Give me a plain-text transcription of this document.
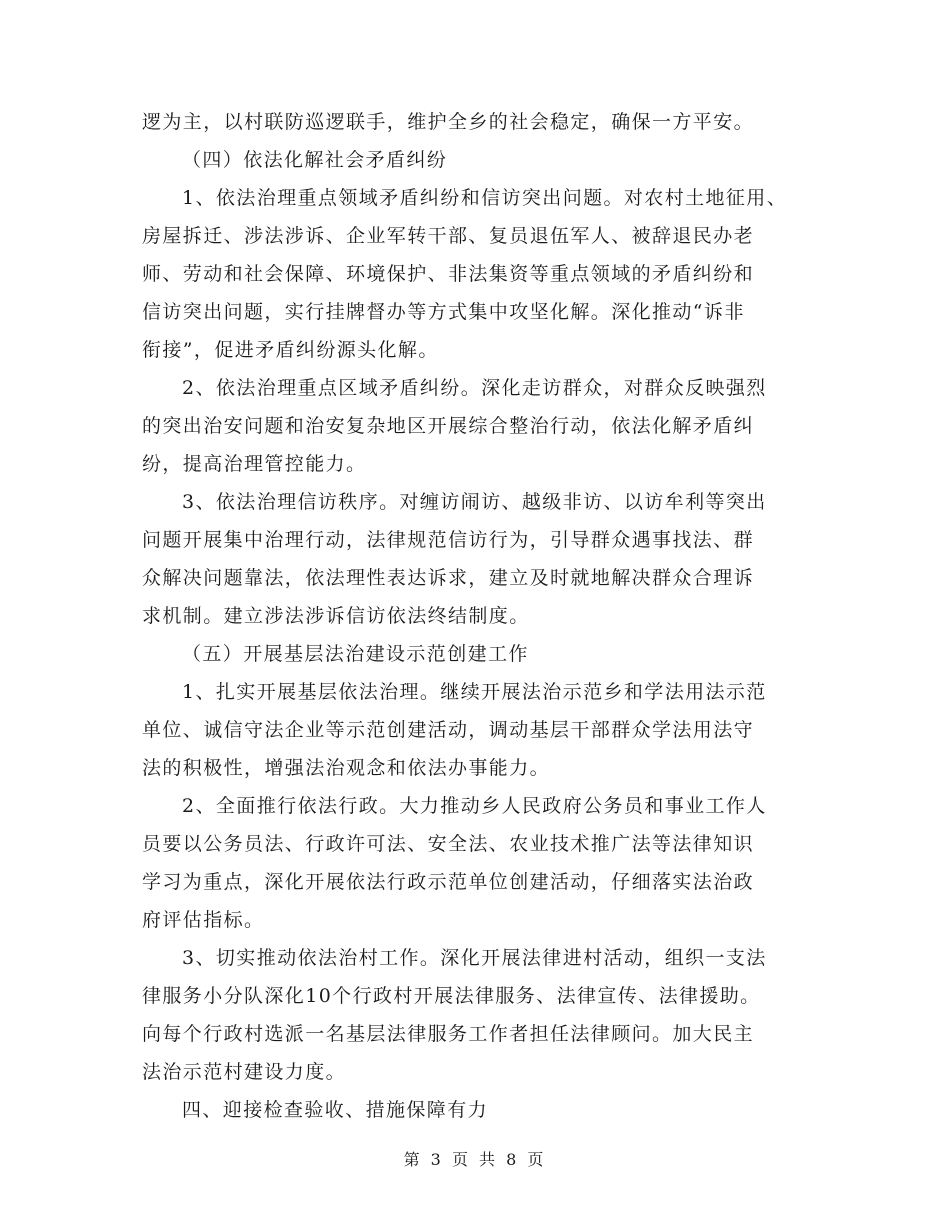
逻为主，以村联防巡逻联手，维护全乡的社会稳定，确保一方平安。
（四）依法化解社会矛盾纠纷
1、依法治理重点领域矛盾纠纷和信访突出问题。对农村土地征用、
房屋拆迁、涉法涉诉、企业军转干部、复员退伍军人、被辞退民办老
师、劳动和社会保障、环境保护、非法集资等重点领域的矛盾纠纷和
信访突出问题，实行挂牌督办等方式集中攻坚化解。深化推动“诉非
衔接”，促进矛盾纠纷源头化解。
2、依法治理重点区域矛盾纠纷。深化走访群众，对群众反映强烈
的突出治安问题和治安复杂地区开展综合整治行动，依法化解矛盾纠
纷，提高治理管控能力。
3、依法治理信访秩序。对缠访闹访、越级非访、以访牟利等突出
问题开展集中治理行动，法律规范信访行为，引导群众遇事找法、群
众解决问题靠法，依法理性表达诉求，建立及时就地解决群众合理诉
求机制。建立涉法涉诉信访依法终结制度。
（五）开展基层法治建设示范创建工作
1、扎实开展基层依法治理。继续开展法治示范乡和学法用法示范
单位、诚信守法企业等示范创建活动，调动基层干部群众学法用法守
法的积极性，增强法治观念和依法办事能力。
2、全面推行依法行政。大力推动乡人民政府公务员和事业工作人
员要以公务员法、行政许可法、安全法、农业技术推广法等法律知识
学习为重点，深化开展依法行政示范单位创建活动，仔细落实法治政
府评估指标。
3、切实推动依法治村工作。深化开展法律进村活动，组织一支法
律服务小分队深化10个行政村开展法律服务、法律宣传、法律援助。
向每个行政村选派一名基层法律服务工作者担任法律顾问。加大民主
法治示范村建设力度。
四、迎接检查验收、措施保障有力
第 3 页 共 8 页
